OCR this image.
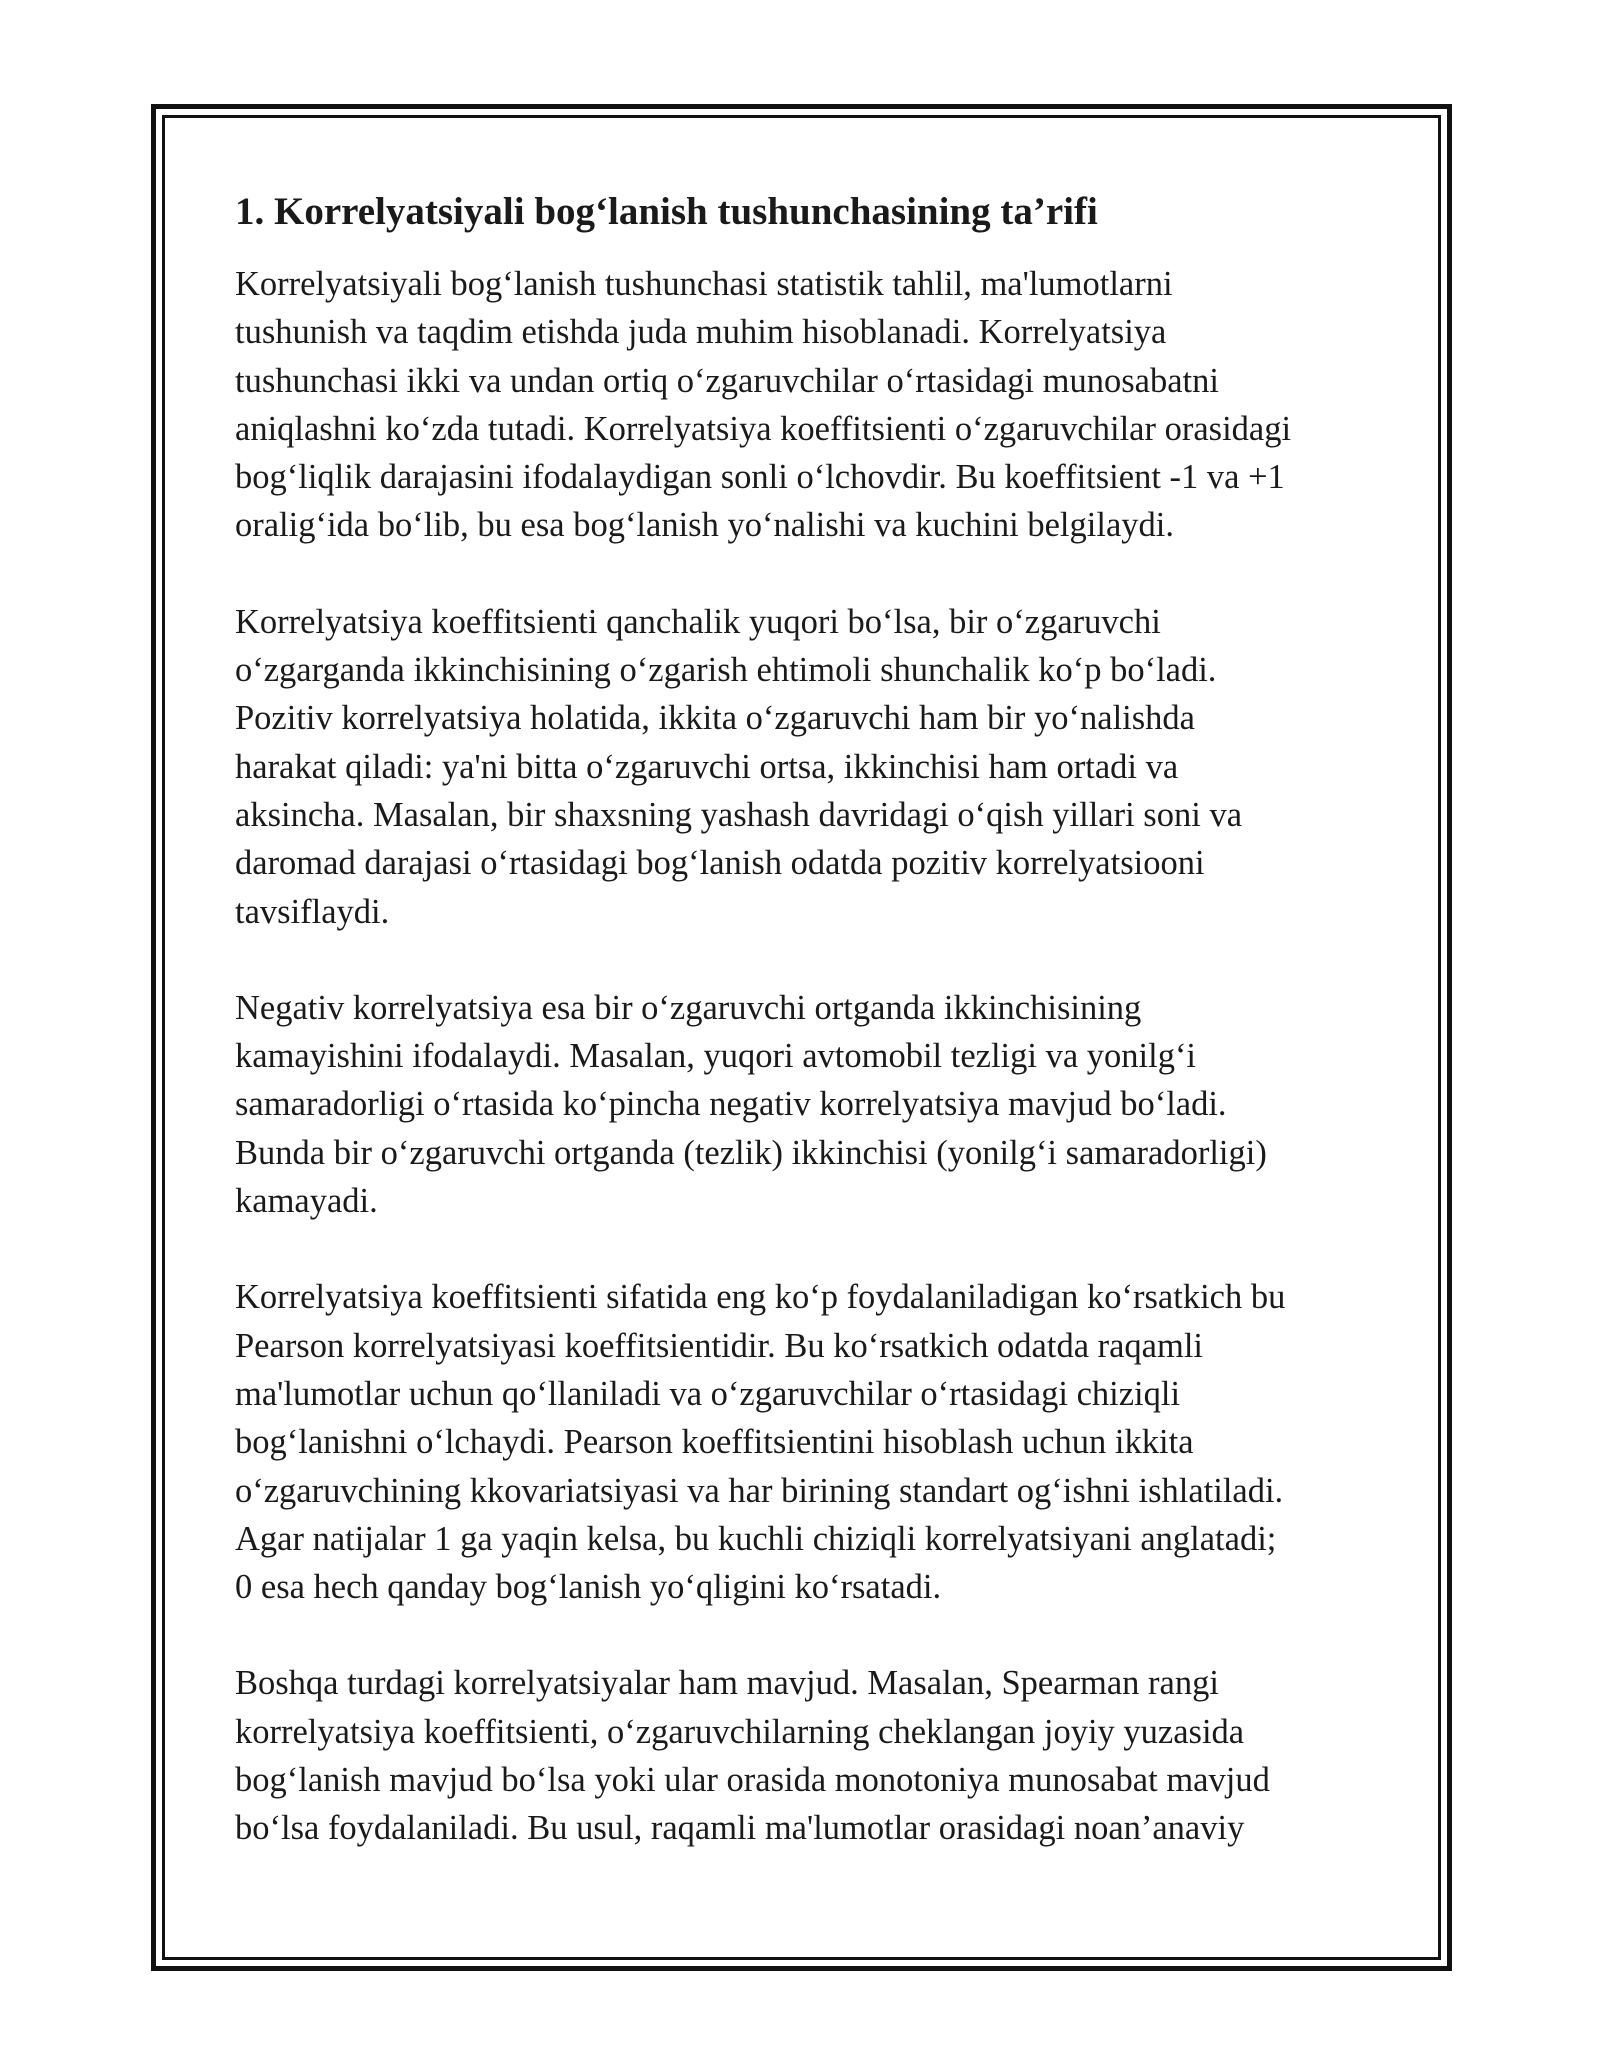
1. Korrelyatsiyali bog‘lanish tushunchasining ta’rifi

Korrelyatsiyali bog‘lanish tushunchasi statistik tahlil, ma'lumotlarni
tushunish va taqdim etishda juda muhim hisoblanadi. Korrelyatsiya
tushunchasi ikki va undan ortiq o‘zgaruvchilar o‘rtasidagi munosabatni
aniqlashni ko‘zda tutadi. Korrelyatsiya koeffitsienti o‘zgaruvchilar orasidagi
bog‘liqlik darajasini ifodalaydigan sonli o‘lchovdir. Bu koeffitsient -1 va +1
oralig‘ida bo‘lib, bu esa bog‘lanish yo‘nalishi va kuchini belgilaydi.

Korrelyatsiya koeffitsienti qanchalik yuqori bo‘lsa, bir o‘zgaruvchi
o‘zgarganda ikkinchisining o‘zgarish ehtimoli shunchalik ko‘p bo‘ladi.
Pozitiv korrelyatsiya holatida, ikkita o‘zgaruvchi ham bir yo‘nalishda
harakat qiladi: ya'ni bitta o‘zgaruvchi ortsa, ikkinchisi ham ortadi va
aksincha. Masalan, bir shaxsning yashash davridagi o‘qish yillari soni va
daromad darajasi o‘rtasidagi bog‘lanish odatda pozitiv korrelyatsiooni
tavsiflaydi.

Negativ korrelyatsiya esa bir o‘zgaruvchi ortganda ikkinchisining
kamayishini ifodalaydi. Masalan, yuqori avtomobil tezligi va yonilg‘i
samaradorligi o‘rtasida ko‘pincha negativ korrelyatsiya mavjud bo‘ladi.
Bunda bir o‘zgaruvchi ortganda (tezlik) ikkinchisi (yonilg‘i samaradorligi)
kamayadi.

Korrelyatsiya koeffitsienti sifatida eng ko‘p foydalaniladigan ko‘rsatkich bu
Pearson korrelyatsiyasi koeffitsientidir. Bu ko‘rsatkich odatda raqamli
ma'lumotlar uchun qo‘llaniladi va o‘zgaruvchilar o‘rtasidagi chiziqli
bog‘lanishni o‘lchaydi. Pearson koeffitsientini hisoblash uchun ikkita
o‘zgaruvchining kkovariatsiyasi va har birining standart og‘ishni ishlatiladi.
Agar natijalar 1 ga yaqin kelsa, bu kuchli chiziqli korrelyatsiyani anglatadi;
0 esa hech qanday bog‘lanish yo‘qligini ko‘rsatadi.

Boshqa turdagi korrelyatsiyalar ham mavjud. Masalan, Spearman rangi
korrelyatsiya koeffitsienti, o‘zgaruvchilarning cheklangan joyiy yuzasida
bog‘lanish mavjud bo‘lsa yoki ular orasida monotoniya munosabat mavjud
bo‘lsa foydalaniladi. Bu usul, raqamli ma'lumotlar orasidagi noan’anaviy
